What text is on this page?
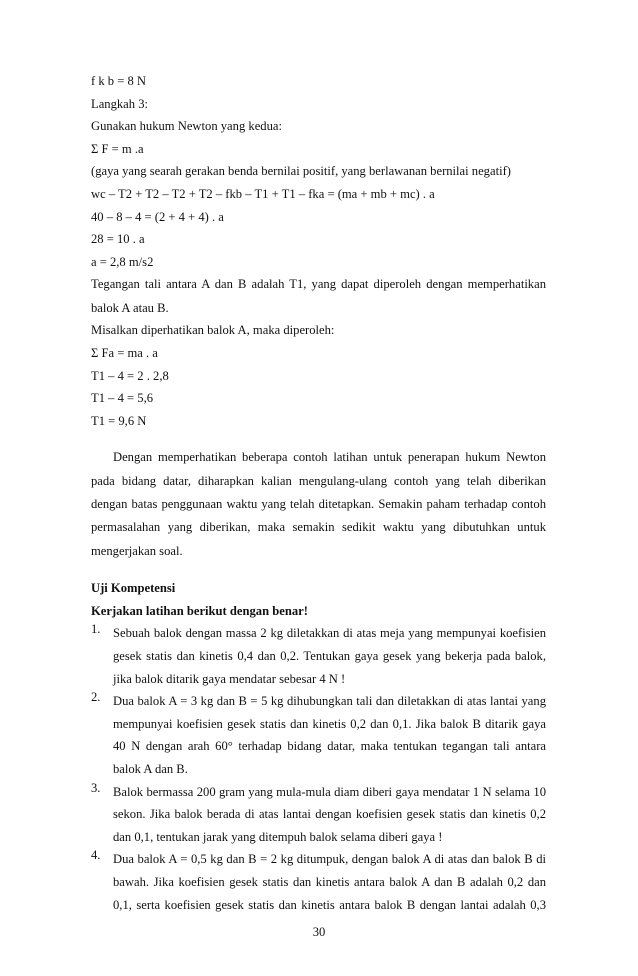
f k b = 8 N
Langkah 3:
Gunakan hukum Newton yang kedua:
Σ F = m .a
(gaya yang searah gerakan benda bernilai positif, yang berlawanan bernilai negatif)
wc – T2 + T2 – T2 + T2 – fkb – T1 + T1 – fka = (ma + mb + mc) . a
40 – 8 – 4 = (2 + 4 + 4) . a
28 = 10 . a
a = 2,8 m/s2
Tegangan tali antara A dan B adalah T1, yang dapat diperoleh dengan memperhatikan
balok A atau B.
Misalkan diperhatikan balok A, maka diperoleh:
Σ Fa = ma . a
T1 – 4 = 2 . 2,8
T1 – 4 = 5,6
T1 = 9,6 N
Dengan memperhatikan beberapa contoh latihan untuk penerapan hukum Newton
pada bidang datar, diharapkan kalian mengulang-ulang contoh yang telah diberikan
dengan batas penggunaan waktu yang telah ditetapkan. Semakin paham terhadap contoh
permasalahan yang diberikan, maka semakin sedikit waktu yang dibutuhkan untuk
mengerjakan soal.
Uji Kompetensi
Kerjakan latihan berikut dengan benar!
1. Sebuah balok dengan massa 2 kg diletakkan di atas meja yang mempunyai koefisien
gesek statis dan kinetis 0,4 dan 0,2. Tentukan gaya gesek yang bekerja pada balok,
jika balok ditarik gaya mendatar sebesar 4 N !
2. Dua balok A = 3 kg dan B = 5 kg dihubungkan tali dan diletakkan di atas lantai yang
mempunyai koefisien gesek statis dan kinetis 0,2 dan 0,1. Jika balok B ditarik gaya
40 N dengan arah 60° terhadap bidang datar, maka tentukan tegangan tali antara
balok A dan B.
3. Balok bermassa 200 gram yang mula-mula diam diberi gaya mendatar 1 N selama 10
sekon. Jika balok berada di atas lantai dengan koefisien gesek statis dan kinetis 0,2
dan 0,1, tentukan jarak yang ditempuh balok selama diberi gaya !
4. Dua balok A = 0,5 kg dan B = 2 kg ditumpuk, dengan balok A di atas dan balok B di
bawah. Jika koefisien gesek statis dan kinetis antara balok A dan B adalah 0,2 dan
0,1, serta koefisien gesek statis dan kinetis antara balok B dengan lantai adalah 0,3
30
